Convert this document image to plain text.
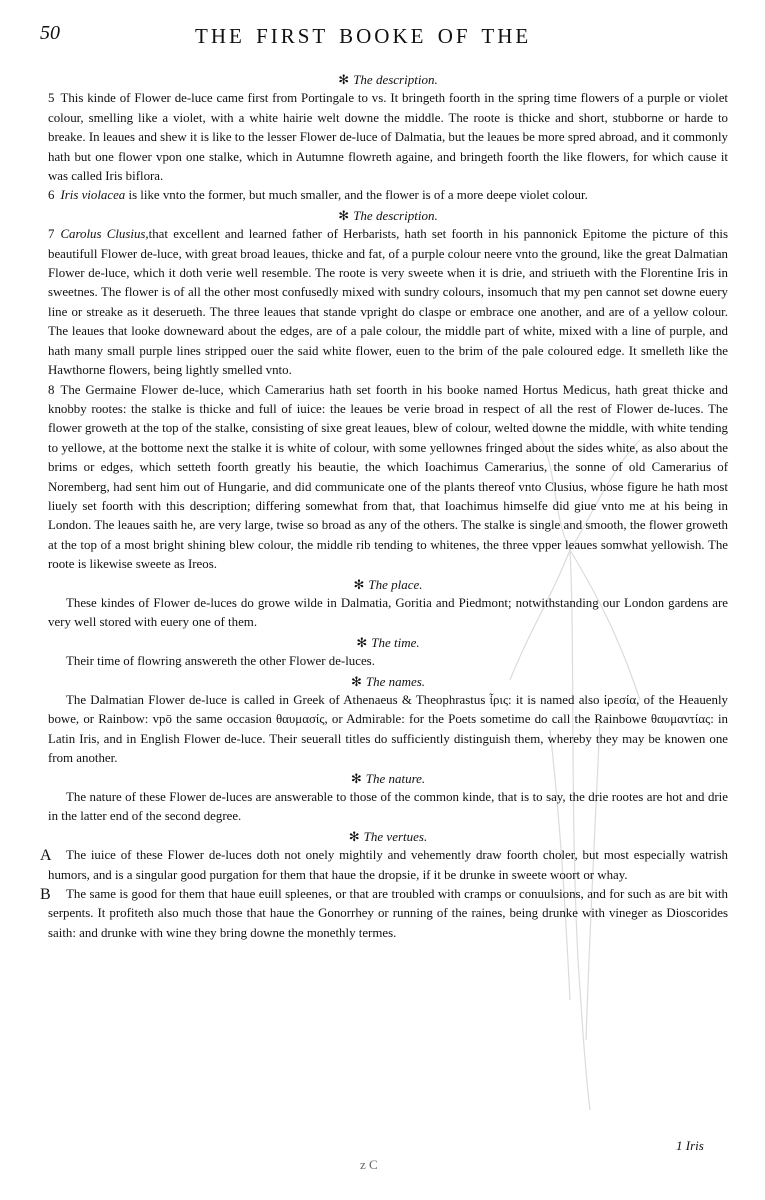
50	THE FIRST BOOKE OF THE

✻ The description.

5 This kinde of Flower de-luce came first from Portingale to vs. It bringeth foorth in the spring time flowers of a purple or violet colour, smelling like a violet, with a white hairie welt downe the middle. The roote is thicke and short, stubborne or harde to breake. In leaues and shew it is like to the lesser Flower de-luce of Dalmatia, but the leaues be more spred abroad, and it commonly hath but one flower vpon one stalke, which in Autumne flowreth againe, and bringeth foorth the like flowers, for which cause it was called Iris biflora.

6 Iris violacea is like vnto the former, but much smaller, and the flower is of a more deepe violet colour.

✻ The description.

7 Carolus Clusius,that excellent and learned father of Herbarists, hath set foorth in his pannonick Epitome the picture of this beautifull Flower de-luce, with great broad leaues, thicke and fat, of a purple colour neere vnto the ground, like the great Dalmatian Flower de-luce, which it doth verie well resemble. The roote is very sweete when it is drie, and striueth with the Florentine Iris in sweetnes. The flower is of all the other most confusedly mixed with sundry colours, insomuch that my pen cannot set downe euery line or streake as it deserueth. The three leaues that stande vpright do claspe or embrace one another, and are of a yellow colour. The leaues that looke downeward about the edges, are of a pale colour, the middle part of white, mixed with a line of purple, and hath many small purple lines stripped ouer the said white flower, euen to the brim of the pale coloured edge. It smelleth like the Hawthorne flowers, being lightly smelled vnto.

8 The Germaine Flower de-luce, which Camerarius hath set foorth in his booke named Hortus Medicus, hath great thicke and knobby rootes: the stalke is thicke and full of iuice: the leaues be verie broad in respect of all the rest of Flower de-luces. The flower groweth at the top of the stalke, consisting of sixe great leaues, blew of colour, welted downe the middle, with white tending to yellowe, at the bottome next the stalke it is white of colour, with some yellownes fringed about the sides white, as also about the brims or edges, which setteth foorth greatly his beautie, the which Ioachimus Camerarius, the sonne of old Camerarius of Noremberg, had sent him out of Hungarie, and did communicate one of the plants thereof vnto Clusius, whose figure he hath most liuely set foorth with this description; differing somewhat from that, that Ioachimus himselfe did giue vnto me at his being in London. The leaues saith he, are very large, twise so broad as any of the others. The stalke is single and smooth, the flower groweth at the top of a most bright shining blew colour, the middle rib tending to whitenes, the three vpper leaues somwhat yellowish. The roote is likewise sweete as Ireos.

✻ The place.

These kindes of Flower de-luces do growe wilde in Dalmatia, Goritia and Piedmont; notwithstanding our London gardens are very well stored with euery one of them.

✻ The time.

Their time of flowring answereth the other Flower de-luces.

✻ The names.

The Dalmatian Flower de-luce is called in Greek of Athenaeus & Theophrastus ἶρις: it is named also ἰρεσία, of the Heauenly bowe, or Rainbow: vpō the same occasion θαυμασίς, or Admirable: for the Poets sometime do call the Rainbowe θαυμαντίας: in Latin Iris, and in English Flower de-luce. Their seuerall titles do sufficiently distinguish them, whereby they may be knowen one from another.

✻ The nature.

The nature of these Flower de-luces are answerable to those of the common kinde, that is to say, the drie rootes are hot and drie in the latter end of the second degree.

✻ The vertues.

A The iuice of these Flower de-luces doth not onely mightily and vehemently draw foorth choler, but most especially watrish humors, and is a singular good purgation for them that haue the dropsie, if it be drunke in sweete woort or whay.

B The same is good for them that haue euill spleenes, or that are troubled with cramps or conuulsions, and for such as are bit with serpents. It profiteth also much those that haue the Gonorrhey or running of the raines, being drunke with vineger as Dioscorides saith: and drunke with wine they bring downe the monethly termes.

1 Iris
z C
